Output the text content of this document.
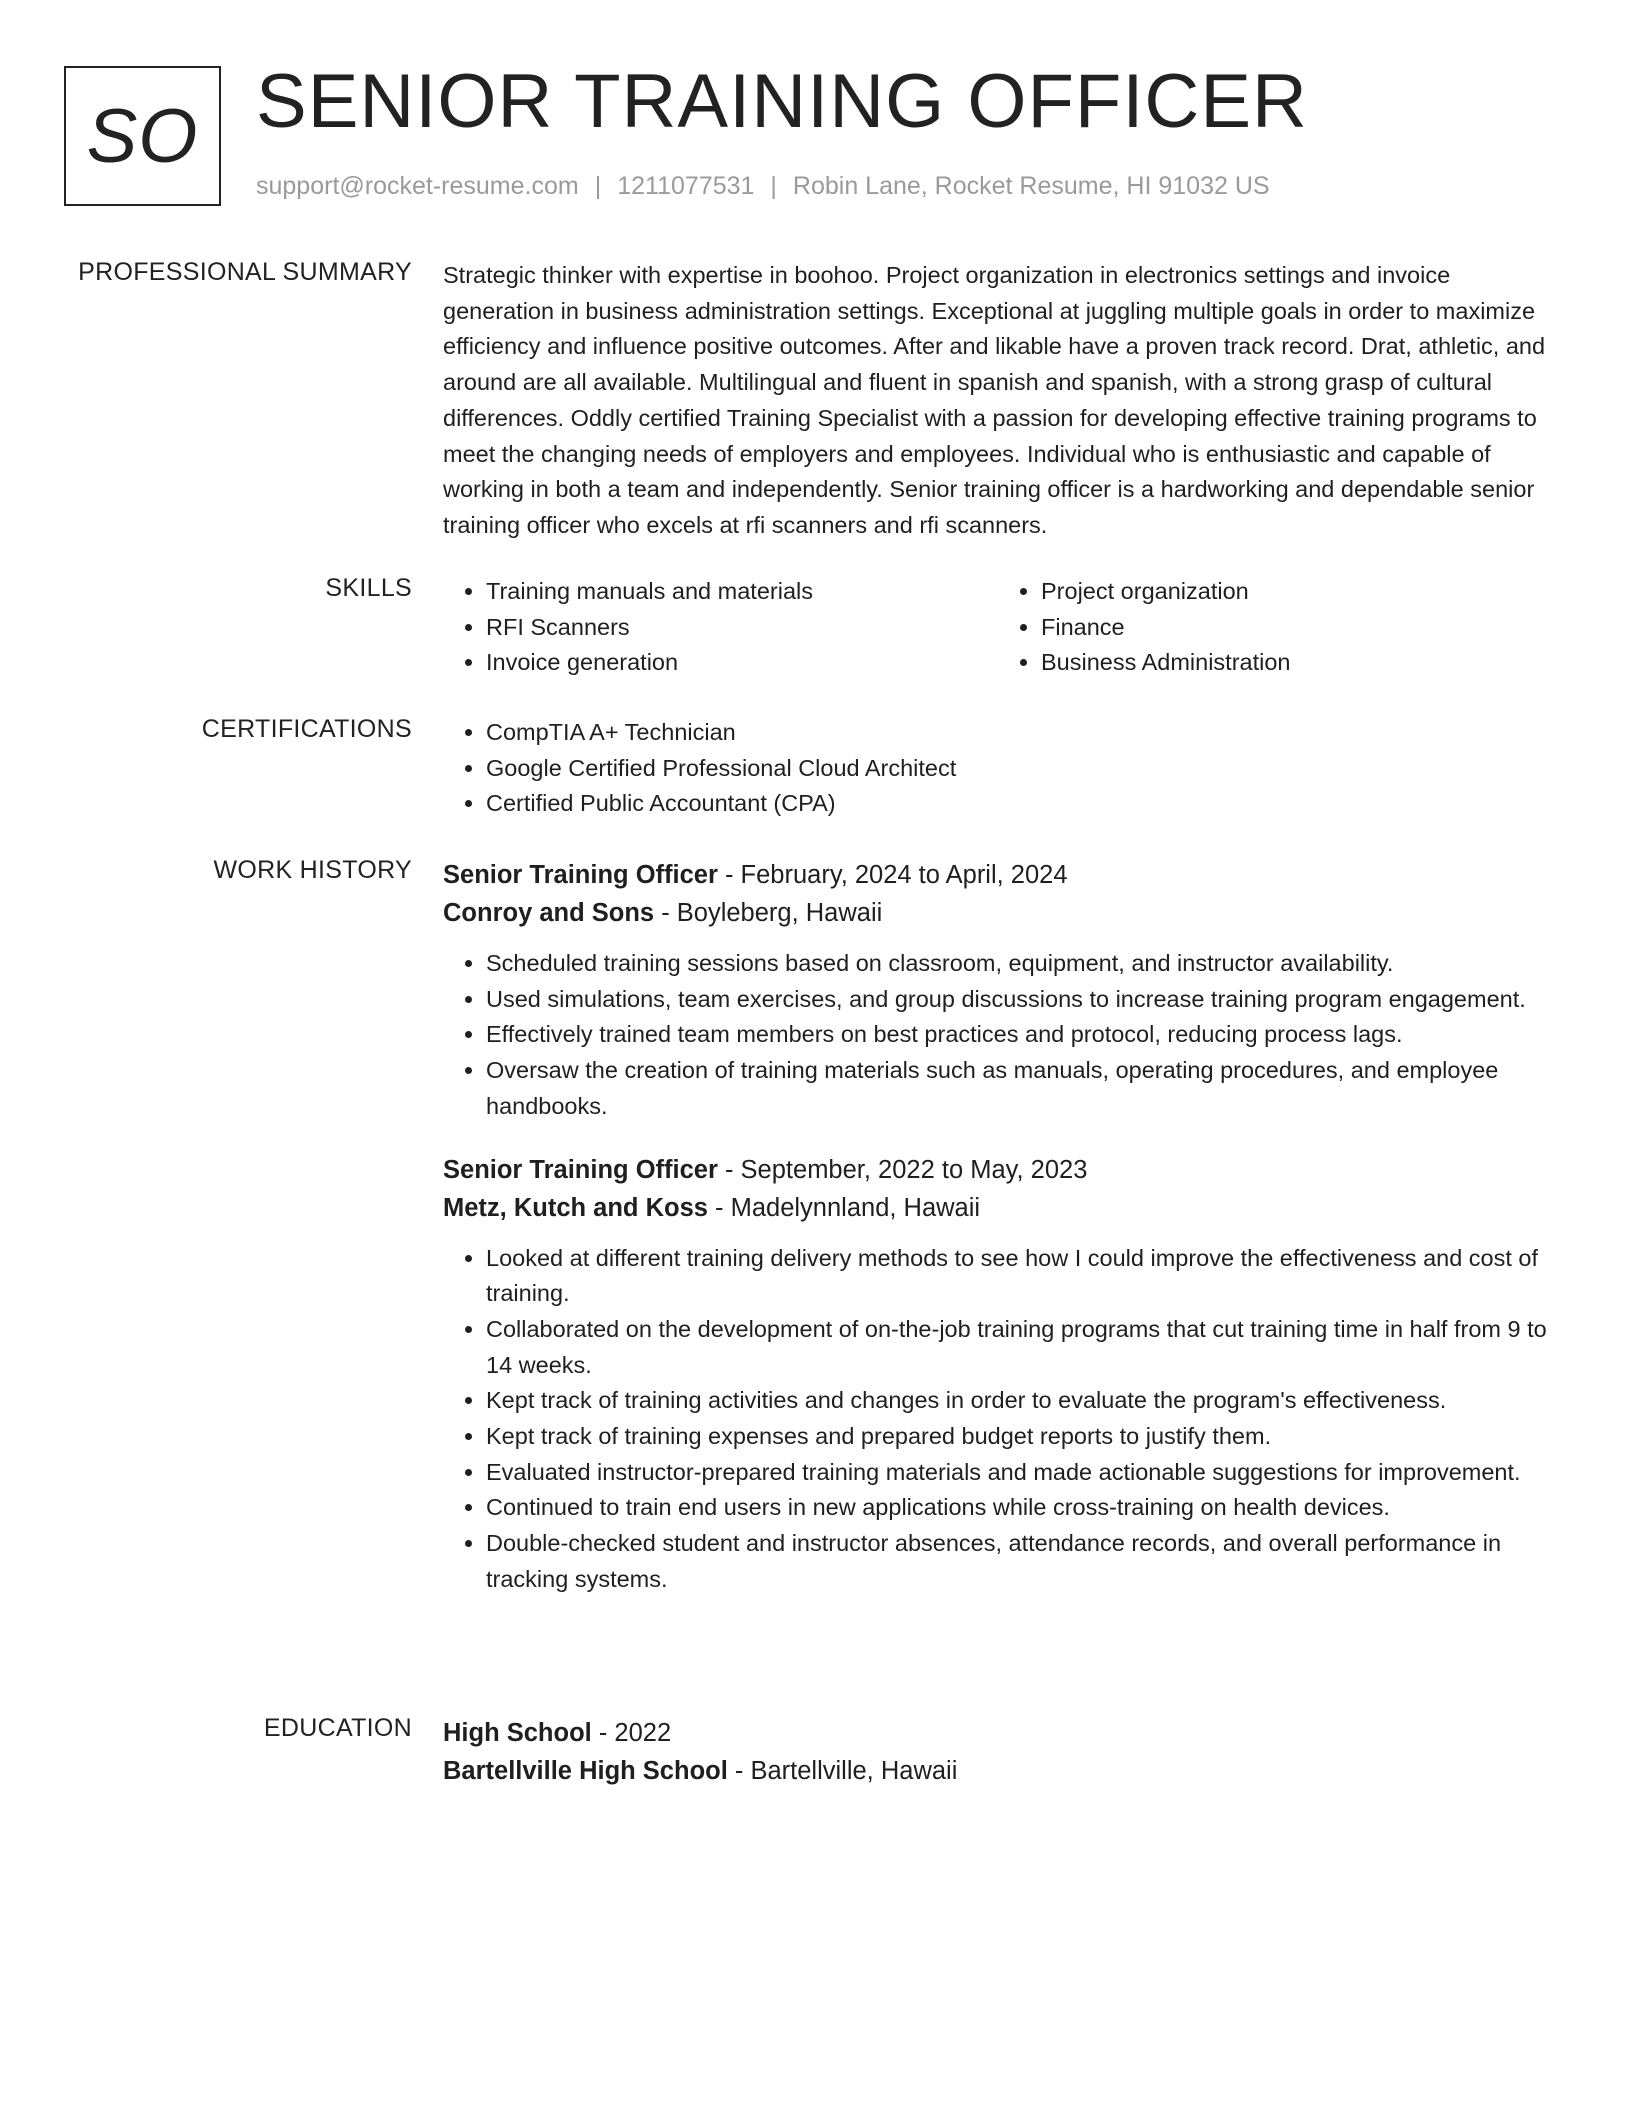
SO SENIOR TRAINING OFFICER
support@rocket-resume.com | 1211077531 | Robin Lane, Rocket Resume, HI 91032 US
PROFESSIONAL SUMMARY Strategic thinker with expertise in boohoo. Project organization in electronics settings and invoice generation in business administration settings. Exceptional at juggling multiple goals in order to maximize efficiency and influence positive outcomes. After and likable have a proven track record. Drat, athletic, and around are all available. Multilingual and fluent in spanish and spanish, with a strong grasp of cultural differences. Oddly certified Training Specialist with a passion for developing effective training programs to meet the changing needs of employers and employees. Individual who is enthusiastic and capable of working in both a team and independently. Senior training officer is a hardworking and dependable senior training officer who excels at rfi scanners and rfi scanners.

SKILLS	• Training manuals and materials
• RFI Scanners
• Invoice generation
• Project organization
• Finance
• Business Administration
CERTIFICATIONS	• CompTIA A+ Technician
• Google Certified Professional Cloud Architect
• Certified Public Accountant (CPA)
WORK HISTORY Senior Training Officer - February, 2024 to April, 2024
Conroy and Sons - Boyleberg, Hawaii
• Scheduled training sessions based on classroom, equipment, and instructor availability.
• Used simulations, team exercises, and group discussions to increase training program engagement.
• Effectively trained team members on best practices and protocol, reducing process lags.
• Oversaw the creation of training materials such as manuals, operating procedures, and employee handbooks.
Senior Training Officer - September, 2022 to May, 2023
Metz, Kutch and Koss - Madelynnland, Hawaii
• Looked at different training delivery methods to see how I could improve the effectiveness and cost of training.
• Collaborated on the development of on-the-job training programs that cut training time in half from 9 to 14 weeks.
• Kept track of training activities and changes in order to evaluate the program's effectiveness.
• Kept track of training expenses and prepared budget reports to justify them.
• Evaluated instructor-prepared training materials and made actionable suggestions for improvement.
• Continued to train end users in new applications while cross-training on health devices.
• Double-checked student and instructor absences, attendance records, and overall performance in tracking systems.
EDUCATION High School - 2022
Bartellville High School - Bartellville, Hawaii
